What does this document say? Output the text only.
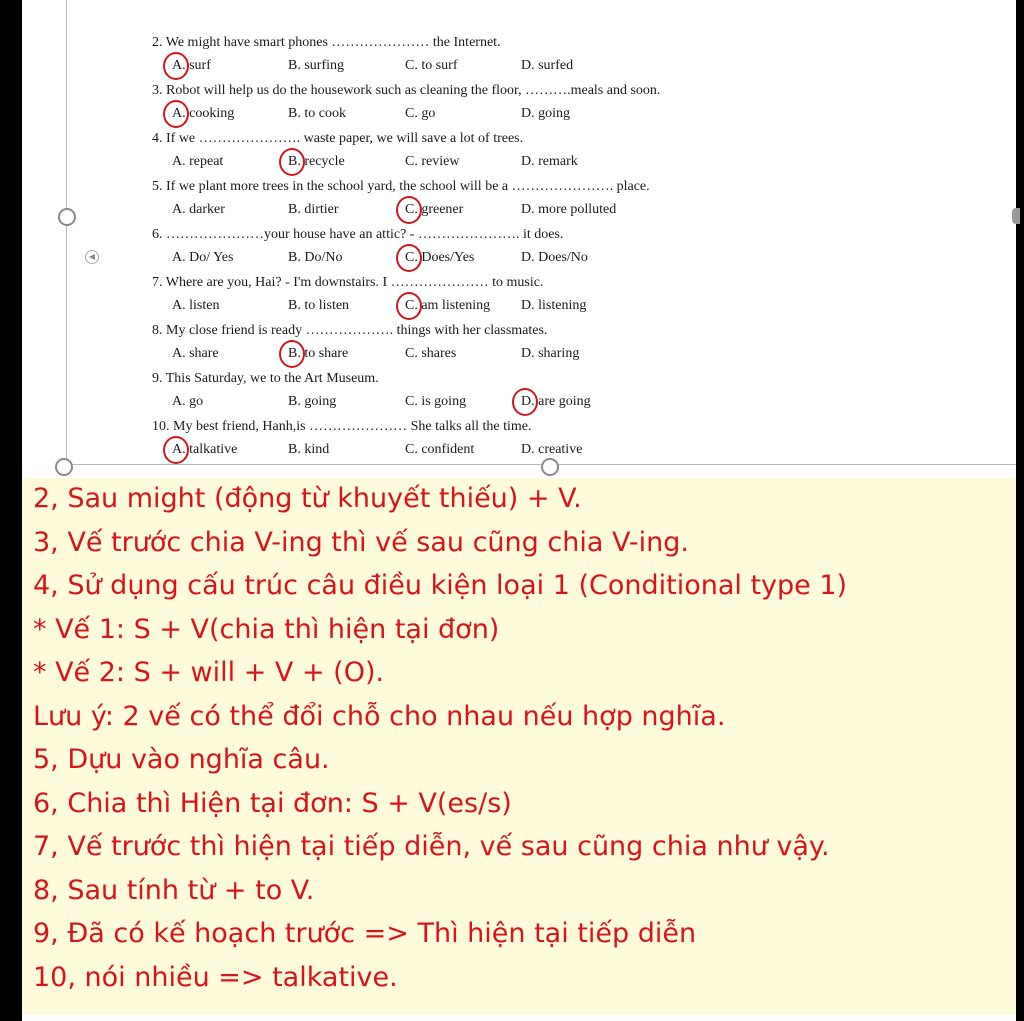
◀
2. We might have smart phones ………………… the Internet.
A. surf	B. surfing	C. to surf	D. surfed
3. Robot will help us do the housework such as cleaning the floor, ……….meals and soon.
A. cooking	B. to cook	C. go	D. going
4. If we …………………. waste paper, we will save a lot of trees.
A. repeat	B. recycle	C. review	D. remark
5. If we plant more trees in the school yard, the school will be a …………………. place.
A. darker	B. dirtier	C. greener	D. more polluted
6. …………………your house have an attic? - …………………. it does.
A. Do/ Yes	B. Do/No	C. Does/Yes	D. Does/No
7. Where are you, Hai? - I'm downstairs. I ………………… to music.
A. listen	B. to listen	C. am listening D. listening
8. My close friend is ready ………………. things with her classmates.
A. share	B. to share	C. shares	D. sharing
9. This Saturday, we to the Art Museum.
A. go	B. going	C. is going	D. are going
10. My best friend, Hanh,is ………………… She talks all the time.
A. talkative	B. kind	C. confident	D. creative
2, Sau might (động từ khuyết thiếu) + V.
3, Vế trước chia V-ing thì vế sau cũng chia V-ing.
4, Sử dụng cấu trúc câu điều kiện loại 1 (Conditional type 1)
* Vế 1: S + V(chia thì hiện tại đơn)
* Vế 2: S + will + V + (O).
Lưu ý: 2 vế có thể đổi chỗ cho nhau nếu hợp nghĩa.
5, Dựu vào nghĩa câu.
6, Chia thì Hiện tại đơn: S + V(es/s)
7, Vế trước thì hiện tại tiếp diễn, vế sau cũng chia như vậy.
8, Sau tính từ + to V.
9, Đã có kế hoạch trước => Thì hiện tại tiếp diễn
10, nói nhiều => talkative.
